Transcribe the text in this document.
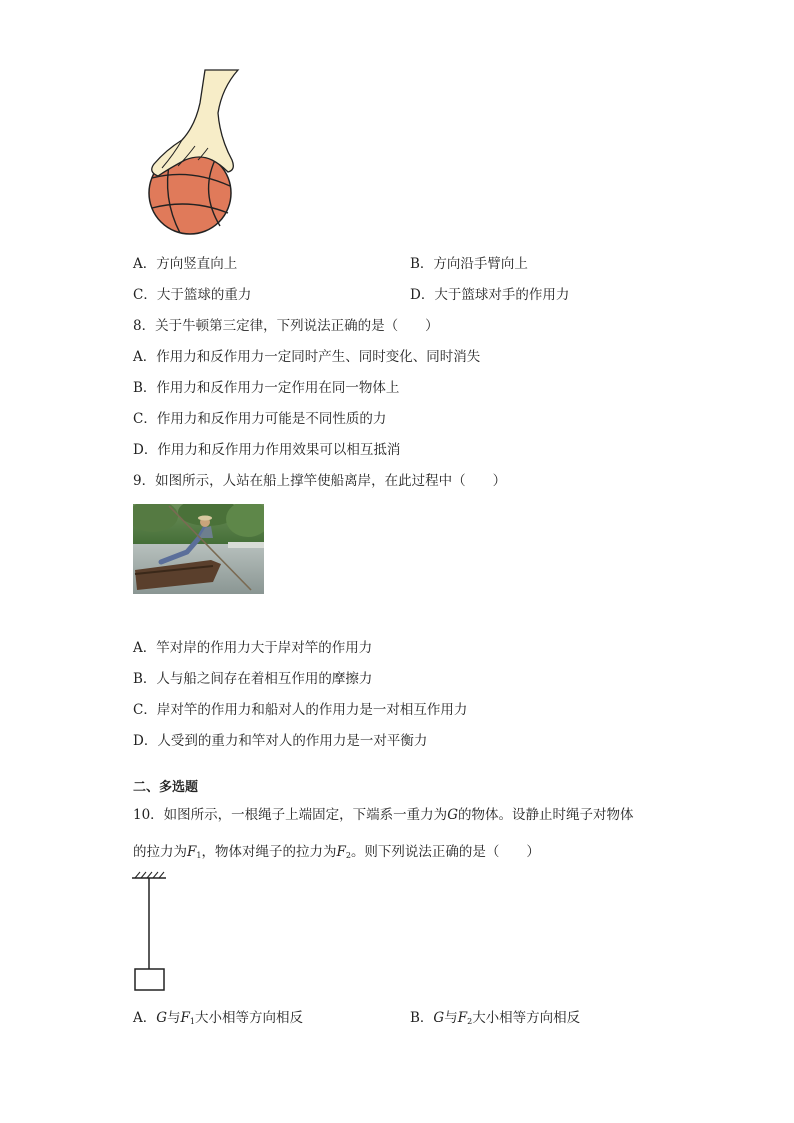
A．方向竖直向上	B．方向沿手臂向上
C．大于篮球的重力	D．大于篮球对手的作用力
8．关于牛顿第三定律，下列说法正确的是（　　）
A．作用力和反作用力一定同时产生、同时变化、同时消失
B．作用力和反作用力一定作用在同一物体上
C．作用力和反作用力可能是不同性质的力
D．作用力和反作用力作用效果可以相互抵消
9．如图所示，人站在船上撑竿使船离岸，在此过程中（　　）
A．竿对岸的作用力大于岸对竿的作用力
B．人与船之间存在着相互作用的摩擦力
C．岸对竿的作用力和船对人的作用力是一对相互作用力
D．人受到的重力和竿对人的作用力是一对平衡力
二、多选题
10．如图所示，一根绳子上端固定，下端系一重力为G的物体。设静止时绳子对物体
的拉力为$F_1$，物体对绳子的拉力为$F_2$。则下列说法正确的是（　　）
A．G与$F_1$大小相等方向相反	B．G与$F_2$大小相等方向相反
